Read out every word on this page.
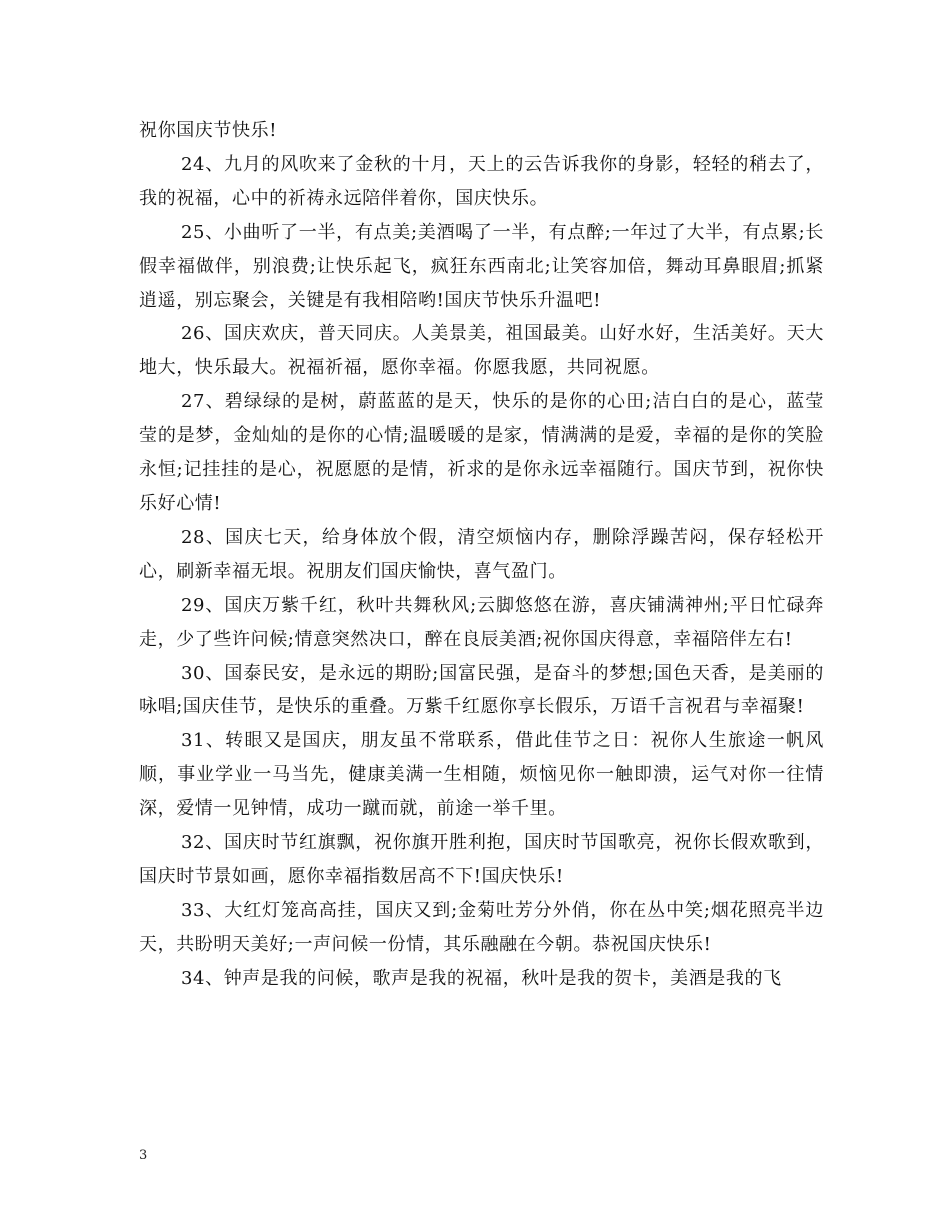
祝你国庆节快乐!

24、九月的风吹来了金秋的十月，天上的云告诉我你的身影，轻轻的稍去了，我的祝福，心中的祈祷永远陪伴着你，国庆快乐。

25、小曲听了一半，有点美;美酒喝了一半，有点醉;一年过了大半，有点累;长假幸福做伴，别浪费;让快乐起飞，疯狂东西南北;让笑容加倍，舞动耳鼻眼眉;抓紧逍遥，别忘聚会，关键是有我相陪哟!国庆节快乐升温吧!

26、国庆欢庆，普天同庆。人美景美，祖国最美。山好水好，生活美好。天大地大，快乐最大。祝福祈福，愿你幸福。你愿我愿，共同祝愿。

27、碧绿绿的是树，蔚蓝蓝的是天，快乐的是你的心田;洁白白的是心，蓝莹莹的是梦，金灿灿的是你的心情;温暖暖的是家，情满满的是爱，幸福的是你的笑脸永恒;记挂挂的是心，祝愿愿的是情，祈求的是你永远幸福随行。国庆节到，祝你快乐好心情!

28、国庆七天，给身体放个假，清空烦恼内存，删除浮躁苦闷，保存轻松开心，刷新幸福无垠。祝朋友们国庆愉快，喜气盈门。

29、国庆万紫千红，秋叶共舞秋风;云脚悠悠在游，喜庆铺满神州;平日忙碌奔走，少了些许问候;情意突然决口，醉在良辰美酒;祝你国庆得意，幸福陪伴左右!

30、国泰民安，是永远的期盼;国富民强，是奋斗的梦想;国色天香，是美丽的咏唱;国庆佳节，是快乐的重叠。万紫千红愿你享长假乐，万语千言祝君与幸福聚!

31、转眼又是国庆，朋友虽不常联系，借此佳节之日：祝你人生旅途一帆风顺，事业学业一马当先，健康美满一生相随，烦恼见你一触即溃，运气对你一往情深，爱情一见钟情，成功一蹴而就，前途一举千里。

32、国庆时节红旗飘，祝你旗开胜利抱，国庆时节国歌亮，祝你长假欢歌到，国庆时节景如画，愿你幸福指数居高不下!国庆快乐!

33、大红灯笼高高挂，国庆又到;金菊吐芳分外俏，你在丛中笑;烟花照亮半边天，共盼明天美好;一声问候一份情，其乐融融在今朝。恭祝国庆快乐!

34、钟声是我的问候，歌声是我的祝福，秋叶是我的贺卡，美酒是我的飞

3
